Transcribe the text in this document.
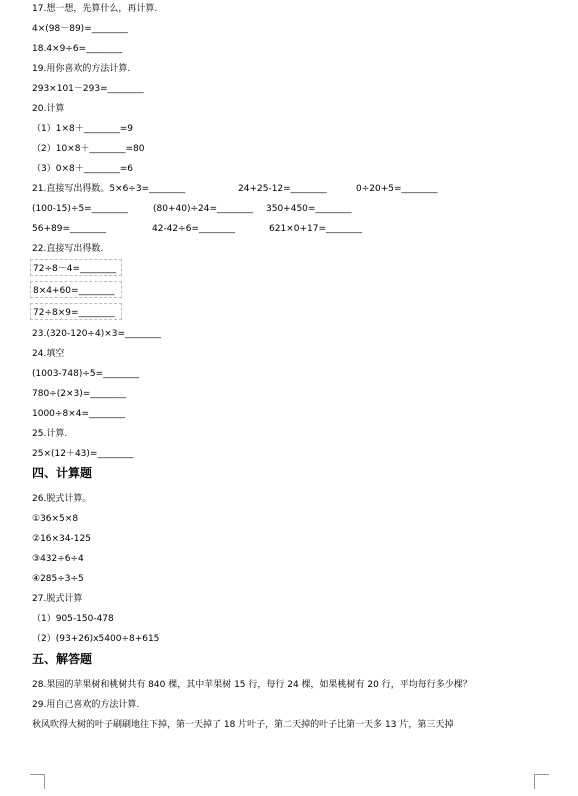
17.想一想，先算什么，再计算.
4×(98－89)=________
18.4×9÷6=________
19.用你喜欢的方法计算.
293×101－293=________
20.计算
（1）1×8＋________=9
（2）10×8＋________=80
（3）0×8＋________=6
21.直接写出得数。5×6÷3=________	24+25-12=________	0÷20+5=________
(100-15)÷5=________	(80+40)÷24=________ 350+450=________
56+89=________	42-42÷6=________	621×0+17=________
22.直接写出得数.
72÷8－4=________
8×4+60=________
72÷8×9=________
23.(320-120÷4)×3=________
24.填空
(1003-748)÷5=________
780÷(2×3)=________
1000÷8×4=________
25.计算.
25×(12＋43)=________
四、计算题
26.脱式计算。
①36×5×8
②16×34-125
③432÷6÷4
④285÷3÷5
27.脱式计算
（1）905-150-478
（2）(93+26)x5400÷8+615
五、解答题
28.果园的苹果树和桃树共有 840 棵，其中苹果树 15 行，每行 24 棵，如果桃树有 20 行，平均每行多少棵？
29.用自己喜欢的方法计算.
秋风吹得大树的叶子刷刷地往下掉，第一天掉了 18 片叶子，第二天掉的叶子比第一天多 13 片，第三天掉
